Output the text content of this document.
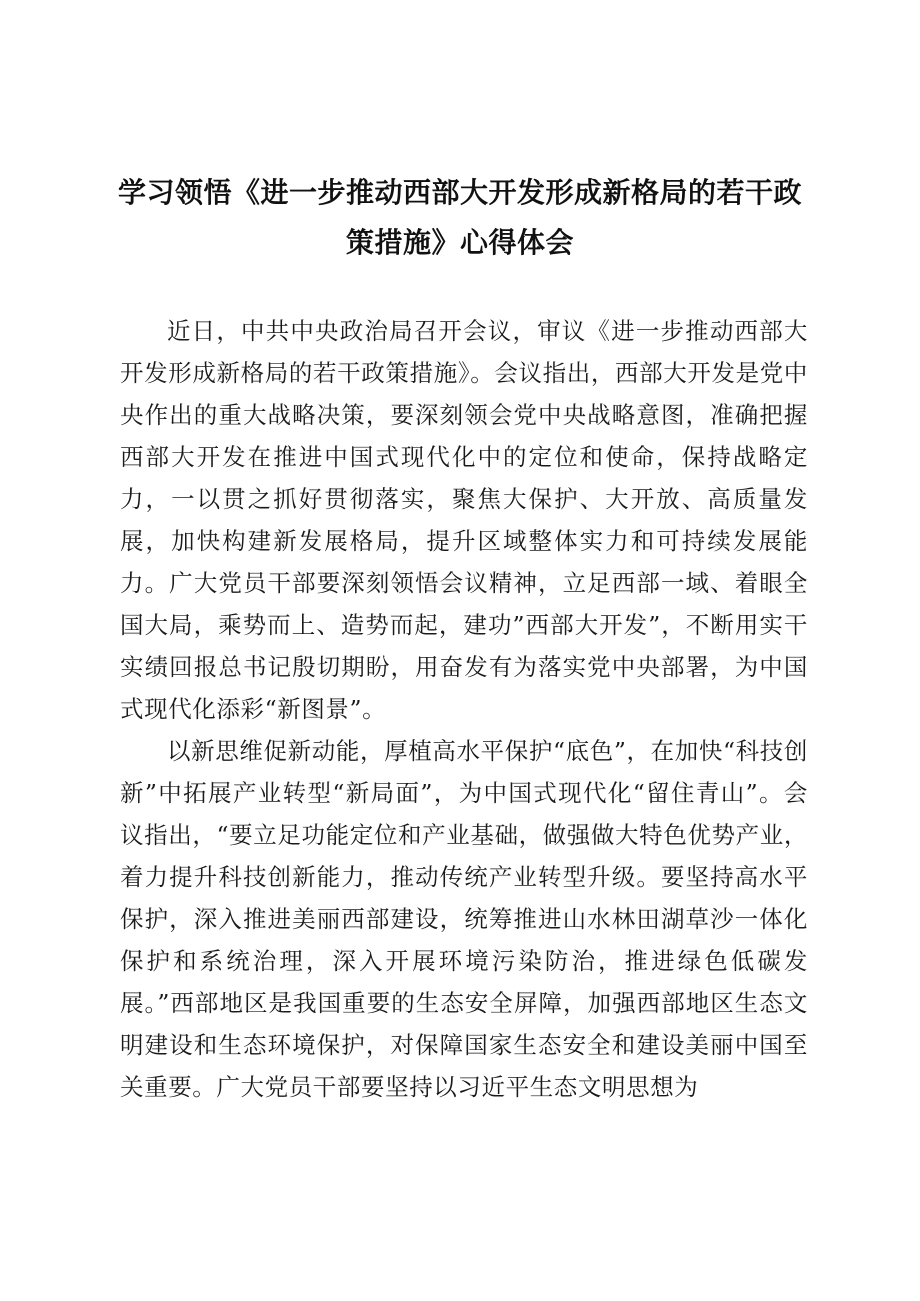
学习领悟《进一步推动西部大开发形成新格局的若干政
策措施》心得体会

近日，中共中央政治局召开会议，审议《进一步推动西部大开发形成新格局的若干政策措施》。会议指出，西部大开发是党中央作出的重大战略决策，要深刻领会党中央战略意图，准确把握西部大开发在推进中国式现代化中的定位和使命，保持战略定力，一以贯之抓好贯彻落实，聚焦大保护、大开放、高质量发展，加快构建新发展格局，提升区域整体实力和可持续发展能力。广大党员干部要深刻领悟会议精神，立足西部一域、着眼全国大局，乘势而上、造势而起，建功”西部大开发”，不断用实干实绩回报总书记殷切期盼，用奋发有为落实党中央部署，为中国式现代化添彩“新图景”。

以新思维促新动能，厚植高水平保护“底色”，在加快“科技创新”中拓展产业转型“新局面”，为中国式现代化“留住青山”。会议指出，“要立足功能定位和产业基础，做强做大特色优势产业，着力提升科技创新能力，推动传统产业转型升级。要坚持高水平保护，深入推进美丽西部建设，统筹推进山水林田湖草沙一体化保护和系统治理，深入开展环境污染防治，推进绿色低碳发展。”西部地区是我国重要的生态安全屏障，加强西部地区生态文明建设和生态环境保护，对保障国家生态安全和建设美丽中国至关重要。广大党员干部要坚持以习近平生态文明思想为
